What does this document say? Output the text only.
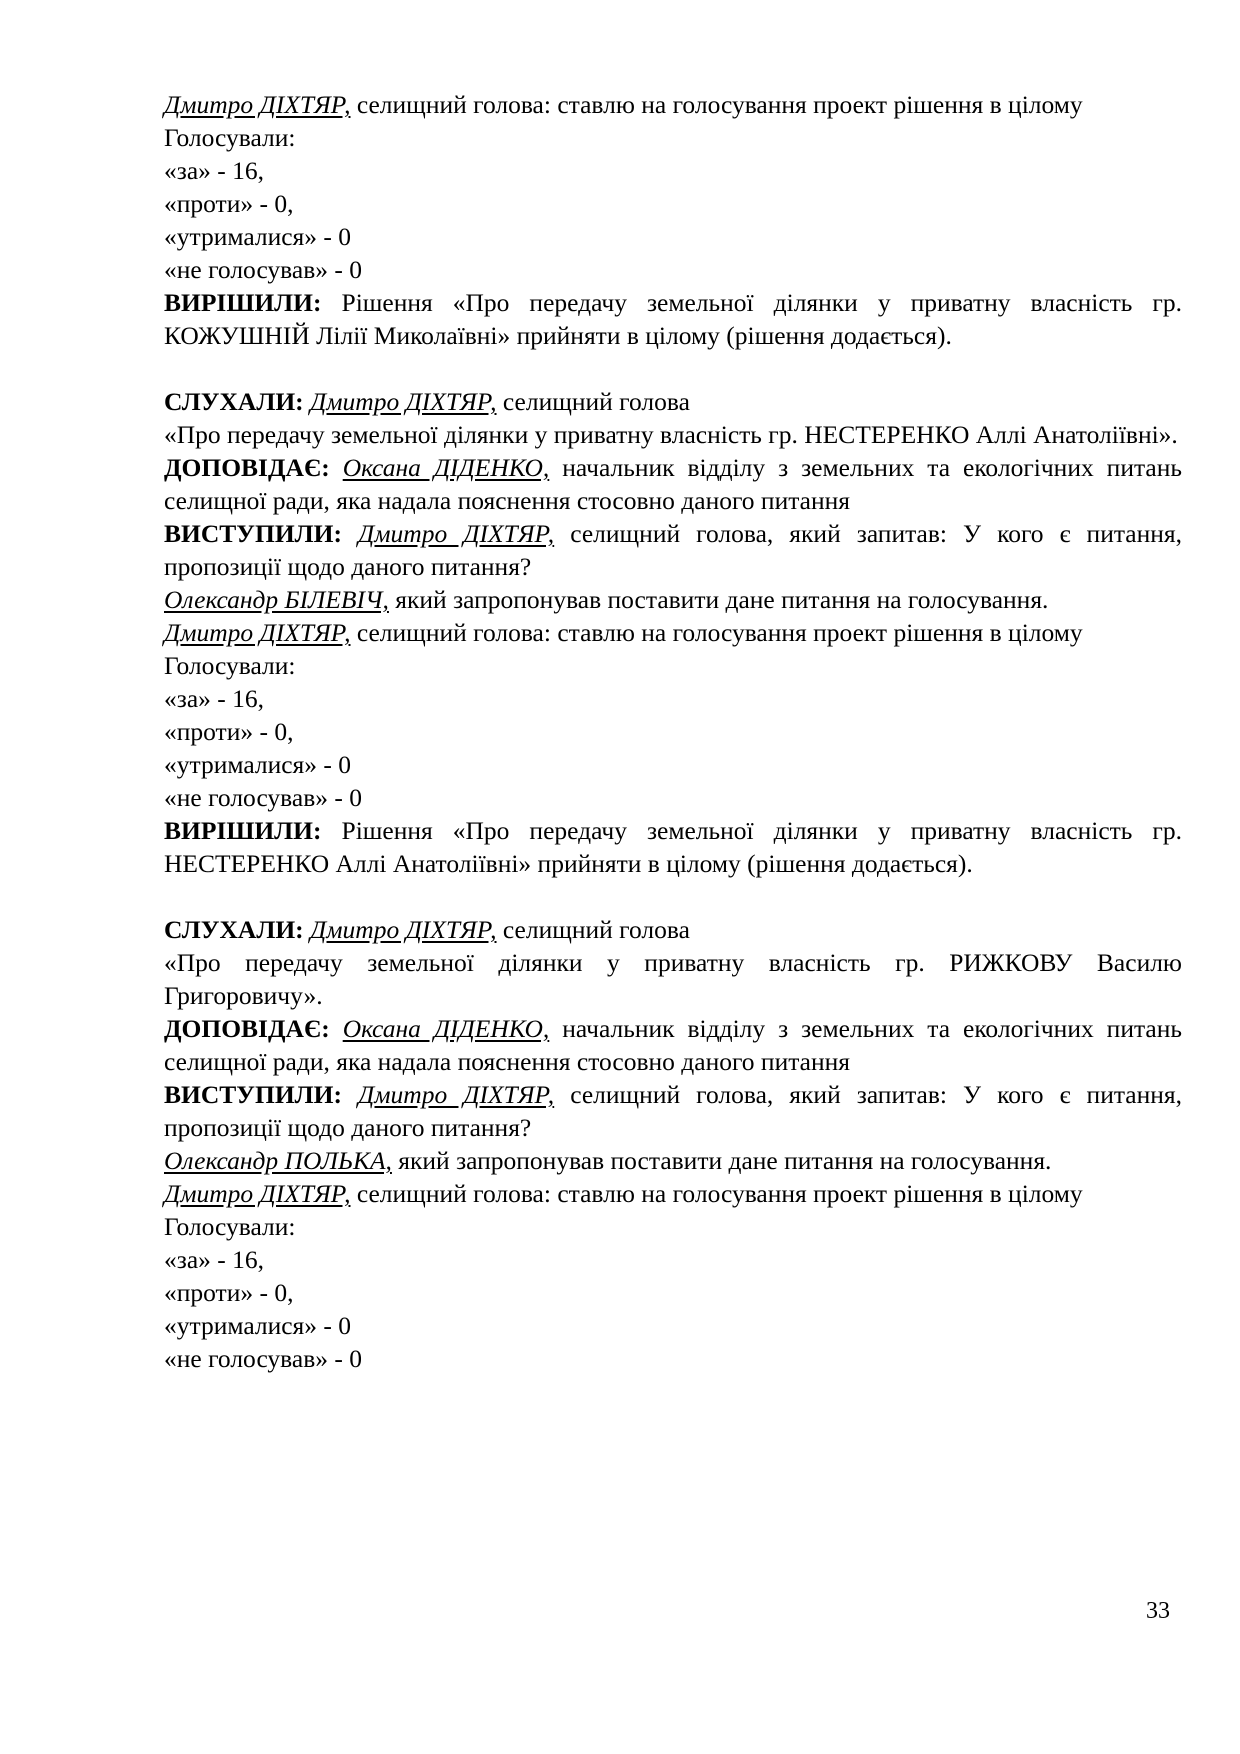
Дмитро ДІХТЯР, селищний голова: ставлю на голосування проект рішення в цілому

Голосували:

«за» - 16,

«проти» - 0,

«утрималися» - 0

«не голосував» - 0

ВИРІШИЛИ: Рішення «Про передачу земельної ділянки у приватну власність гр. КОЖУШНІЙ Лілії Миколаївні» прийняти в цілому (рішення додається).

СЛУХАЛИ: Дмитро ДІХТЯР, селищний голова

«Про передачу земельної ділянки у приватну власність гр. НЕСТЕРЕНКО Аллі Анатоліївні».

ДОПОВІДАЄ: Оксана ДІДЕНКО, начальник відділу з земельних та екологічних питань селищної ради, яка надала пояснення стосовно даного питання

ВИСТУПИЛИ: Дмитро ДІХТЯР, селищний голова, який запитав: У кого є питання, пропозиції щодо даного питання?

Олександр БІЛЕВІЧ, який запропонував поставити дане питання на голосування.

Дмитро ДІХТЯР, селищний голова: ставлю на голосування проект рішення в цілому

Голосували:

«за» - 16,

«проти» - 0,

«утрималися» - 0

«не голосував» - 0

ВИРІШИЛИ: Рішення «Про передачу земельної ділянки у приватну власність гр. НЕСТЕРЕНКО Аллі Анатоліївні» прийняти в цілому (рішення додається).

СЛУХАЛИ: Дмитро ДІХТЯР, селищний голова

«Про передачу земельної ділянки у приватну власність гр. РИЖКОВУ Василю Григоровичу».

ДОПОВІДАЄ: Оксана ДІДЕНКО, начальник відділу з земельних та екологічних питань селищної ради, яка надала пояснення стосовно даного питання

ВИСТУПИЛИ: Дмитро ДІХТЯР, селищний голова, який запитав: У кого є питання, пропозиції щодо даного питання?

Олександр ПОЛЬКА, який запропонував поставити дане питання на голосування.

Дмитро ДІХТЯР, селищний голова: ставлю на голосування проект рішення в цілому

Голосували:

«за» - 16,

«проти» - 0,

«утрималися» - 0

«не голосував» - 0

33
